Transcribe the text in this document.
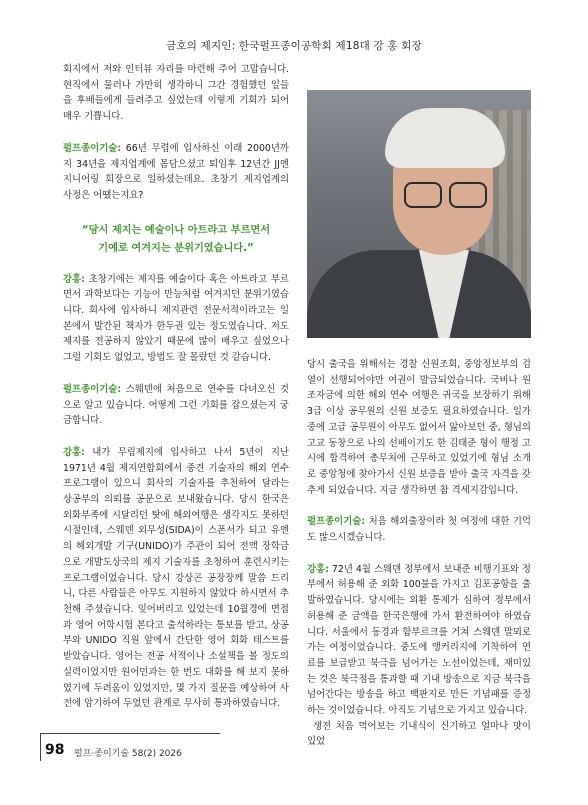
금호의 제지인: 한국펄프종이공학회 제18대 강 홍 회장

회지에서 저와 인터뷰 자리를 마련해 주어 고맙습니다. 현직에서 물러나 가만히 생각하니 그간 경험했던 일들을 후배들에게 들려주고 싶었는데 이렇게 기회가 되어 매우 기쁩니다.

펄프종이기술: 66년 무렵에 입사하신 이래 2000년까지 34년을 제지업계에 몸담으셨고 퇴임후 12년간 JJ엔지니어링 회장으로 일하셨는데요. 초창기 제지업계의 사정은 어땠는지요?

“당시 제지는 예술이나 아트라고 부르면서
기예로 여겨지는 분위기였습니다.”

강홍: 초창기에는 제지를 예술이다 혹은 아트라고 부르면서 과학보다는 기능이 만능처럼 여겨지던 분위기였습니다. 회사에 입사하니 제지관련 전문서적이라고는 일본에서 발간된 책자가 한두권 있는 정도였습니다. 저도 제지를 전공하지 않았기 때문에 많이 배우고 싶었으나 그럴 기회도 없었고, 방법도 잘 몰랐던 것 같습니다.

펄프종이기술: 스웨덴에 처음으로 연수를 다녀오신 것으로 알고 있습니다. 어떻게 그런 기회를 잡으셨는지 궁금합니다.

강홍: 내가 무림제지에 입사하고 나서 5년이 지난 1971년 4월 제지연합회에서 중견 기술자의 해외 연수프로그램이 있으니 회사의 기술자를 추천하여 달라는 상공부의 의뢰를 공문으로 보내왔습니다. 당시 한국은 외화부족에 시달리던 탓에 해외여행은 생각지도 못하던 시절인데, 스웨덴 외무성(SIDA)이 스폰서가 되고 유엔의 해외개발 기구(UNIDO)가 주관이 되어 전액 장학금으로 개발도상국의 제지 기술자를 초청하여 훈련시키는 프로그램이었습니다. 당시 강상곤 공장장께 말씀 드리니, 다른 사람들은 아무도 지원하지 않았다 하시면서 추천해 주셨습니다. 잊어버리고 있었는데 10월경에 면접과 영어 어학시험 본다고 출석하라는 통보를 받고, 상공부와 UNIDO 직원 앞에서 간단한 영어 회화 테스트를 받았습니다. 영어는 전공 서적이나 소설책을 볼 정도의 실력이었지만 원어민과는 한 번도 대화를 해 보지 못하였기에 두려움이 있었지만, 몇 가지 질문을 예상하여 사전에 암기하여 두었던 관계로 무사히 통과하였습니다.

당시 출국을 위해서는 경찰 신원조회, 중앙정보부의 검열이 선행되어야만 여권이 발급되었습니다. 국비나 원조자금에 의한 해외 연수 여행은 귀국을 보장하기 위해 3급 이상 공무원의 신원 보증도 필요하였습니다. 일가 중에 고급 공무원이 아무도 없어서 앓아보던 중, 형님의 고교 동창으로 나의 선배이기도 한 김태준 형이 행정 고시에 합격하여 총무처에 근무하고 있었기에 형님 소개로 중앙청에 찾아가서 신원 보증을 받아 출국 자격을 갖추게 되었습니다. 지금 생각하면 참 격세지감입니다.

펄프종이기술: 처음 해외출장이라 첫 여정에 대한 기억도 많으시겠습니다.

강홍: 72년 4월 스웨덴 정부에서 보내준 비행기표와 정부에서 허용해 준 외화 100불을 가지고 김포공항을 출발하였습니다. 당시에는 외환 통제가 심하여 정부에서 허용해 준 금액을 한국은행에 가서 환전하여야 하였습니다. 서울에서 동경과 함부르크를 거쳐 스웨덴 말뫼로 가는 여정이었습니다. 중도에 앵커리지에 기착하여 연료를 보급받고 북극을 넘어가는 노선이었는데, 재미있는 것은 북극점을 통과할 때 기내 방송으로 지금 북극을 넘어간다는 방송을 하고 백판지로 만든 기념패를 증정하는 것이었습니다. 아직도 기념으로 가지고 있습니다.

생전 처음 먹어보는 기내식이 신기하고 얼마나 맛이 있었

98 펄프·종이기술 58(2) 2026
